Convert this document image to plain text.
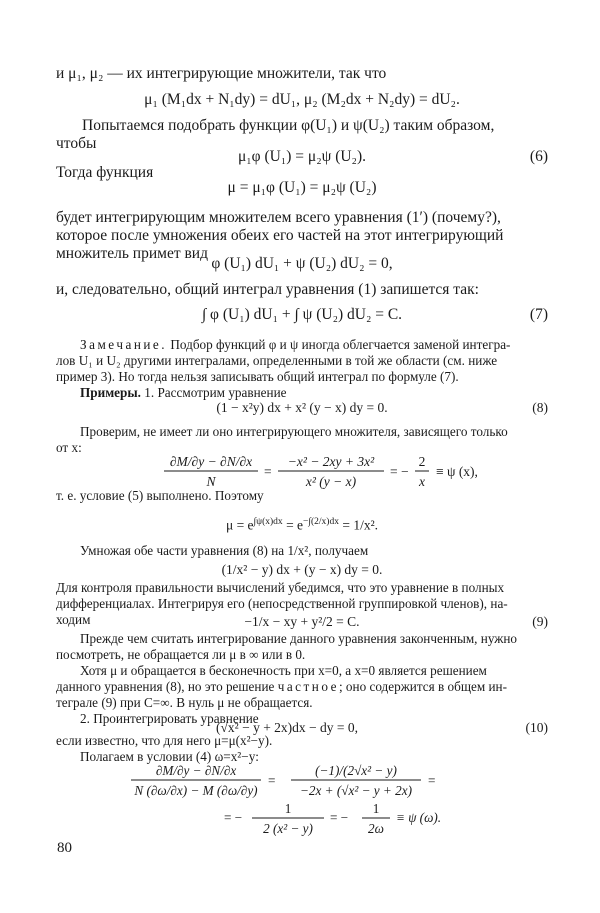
и μ₁, μ₂ — их интегрирующие множители, так что
μ₁ (M₁dx + N₁dy) = dU₁, μ₂ (M₂dx + N₂dy) = dU₂.
Попытаемся подобрать функции φ(U₁) и ψ(U₂) таким образом,
чтобы
μ₁φ (U₁) = μ₂ψ (U₂).	(6)
Тогда функция
μ = μ₁φ (U₁) = μ₂ψ (U₂)
будет интегрирующим множителем всего уравнения (1′) (почему?),
которое после умножения обеих его частей на этот интегрирующий
множитель примет вид
φ (U₁) dU₁ + ψ (U₂) dU₂ = 0,
и, следовательно, общий интеграл уравнения (1) запишется так:
∫ φ (U₁) dU₁ + ∫ ψ (U₂) dU₂ = C.	(7)
Замечание. Подбор функций φ и ψ иногда облегчается заменой интегра-
лов U₁ и U₂ другими интегралами, определенными в той же области (см. ниже
пример 3). Но тогда нельзя записывать общий интеграл по формуле (7).
Примеры. 1. Рассмотрим уравнение
(1 − x²y) dx + x² (y − x) dy = 0.	(8)
Проверим, не имеет ли оно интегрирующего множителя, зависящего только
от x:
∂M/∂y − ∂N/∂x
N
=
−x² − 2xy + 3x²
x² (y − x)
= −
2
x
≡ ψ (x),
т. е. условие (5) выполнено. Поэтому
$\mu = e^{\int\psi(x)dx} = e^{-\int(2/x)dx} = 1/x^2$.
Умножая обе части уравнения (8) на 1/x², получаем
(1/x² − y) dx + (y − x) dy = 0.
Для контроля правильности вычислений убедимся, что это уравнение в полных
дифференциалах. Интегрируя его (непосредственной группировкой членов), на-
ходим	−1/x − xy + y²/2 = C.	(9)
Прежде чем считать интегрирование данного уравнения законченным, нужно
посмотреть, не обращается ли μ в ∞ или в 0.
Хотя μ и обращается в бесконечность при x=0, а x=0 является решением
данного уравнения (8), но это решение частное; оно содержится в общем ин-
теграле (9) при C=∞. В нуль μ не обращается.
2. Проинтегрировать уравнение
(√x² − y + 2x)dx − dy = 0,	(10)
если известно, что для него μ=μ(x²−y).
Полагаем в условии (4) ω=x²−y:
∂M/∂y − ∂N/∂x
N (∂ω/∂x) − M (∂ω/∂y)
=
(−1)/(2√x² − y)
−2x + (√x² − y + 2x)
=
= −
1
2 (x² − y)
= −
1
2ω
≡ ψ (ω).
80
